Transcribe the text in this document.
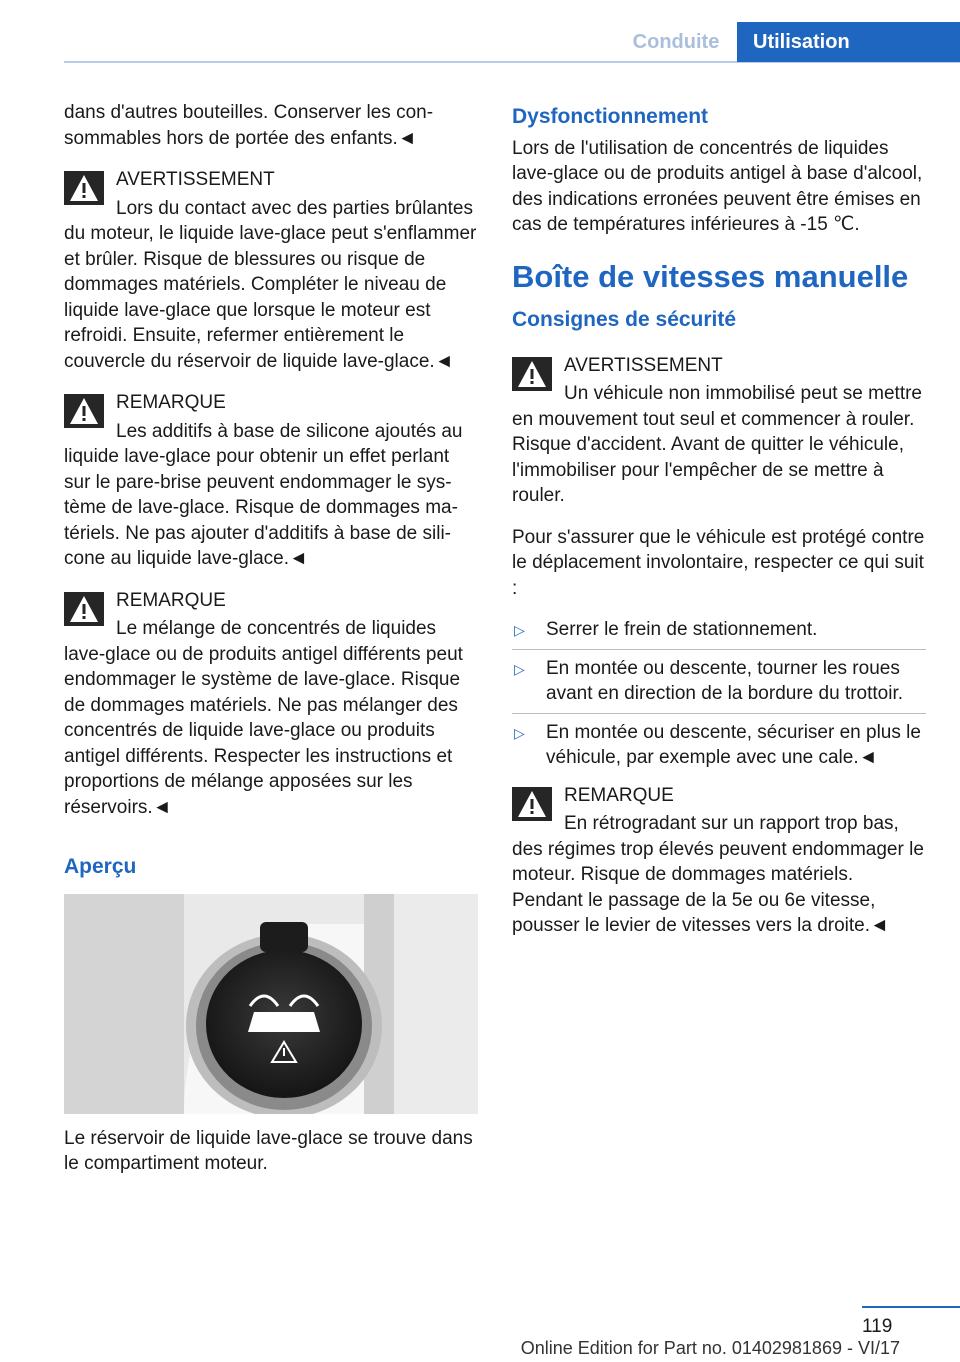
Conduite	Utilisation

dans d'autres bouteilles. Conserver les consommables hors de portée des enfants.◄

AVERTISSEMENT
Lors du contact avec des parties brûlantes du moteur, le liquide lave-glace peut s'enflammer et brûler. Risque de blessures ou risque de dommages matériels. Compléter le niveau de liquide lave-glace que lorsque le moteur est refroidi. Ensuite, refermer entièrement le couvercle du réservoir de liquide lave-glace.◄
REMARQUE
Les additifs à base de silicone ajoutés au liquide lave-glace pour obtenir un effet perlant sur le pare-brise peuvent endommager le système de lave-glace. Risque de dommages matériels. Ne pas ajouter d'additifs à base de silicone au liquide lave-glace.◄
REMARQUE
Le mélange de concentrés de liquides lave-glace ou de produits antigel différents peut endommager le système de lave-glace. Risque de dommages matériels. Ne pas mélanger des concentrés de liquide lave-glace ou produits antigel différents. Respecter les instructions et proportions de mélange apposées sur les réservoirs.◄
Aperçu

Le réservoir de liquide lave-glace se trouve dans le compartiment moteur.

Dysfonctionnement

Lors de l'utilisation de concentrés de liquides lave-glace ou de produits antigel à base d'alcool, des indications erronées peuvent être émises en cas de températures inférieures à -15 ℃.

Boîte de vitesses manuelle
Consignes de sécurité
AVERTISSEMENT
Un véhicule non immobilisé peut se mettre en mouvement tout seul et commencer à rouler. Risque d'accident. Avant de quitter le véhicule, l'immobiliser pour l'empêcher de se mettre à rouler.

Pour s'assurer que le véhicule est protégé contre le déplacement involontaire, respecter ce qui suit :

▷ Serrer le frein de stationnement.
▷ En montée ou descente, tourner les roues avant en direction de la bordure du trottoir.
▷ En montée ou descente, sécuriser en plus le véhicule, par exemple avec une cale.◄
REMARQUE
En rétrogradant sur un rapport trop bas, des régimes trop élevés peuvent endommager le moteur. Risque de dommages matériels. Pendant le passage de la 5e ou 6e vitesse, pousser le levier de vitesses vers la droite.◄
119
Online Edition for Part no. 01402981869 - VI/17
